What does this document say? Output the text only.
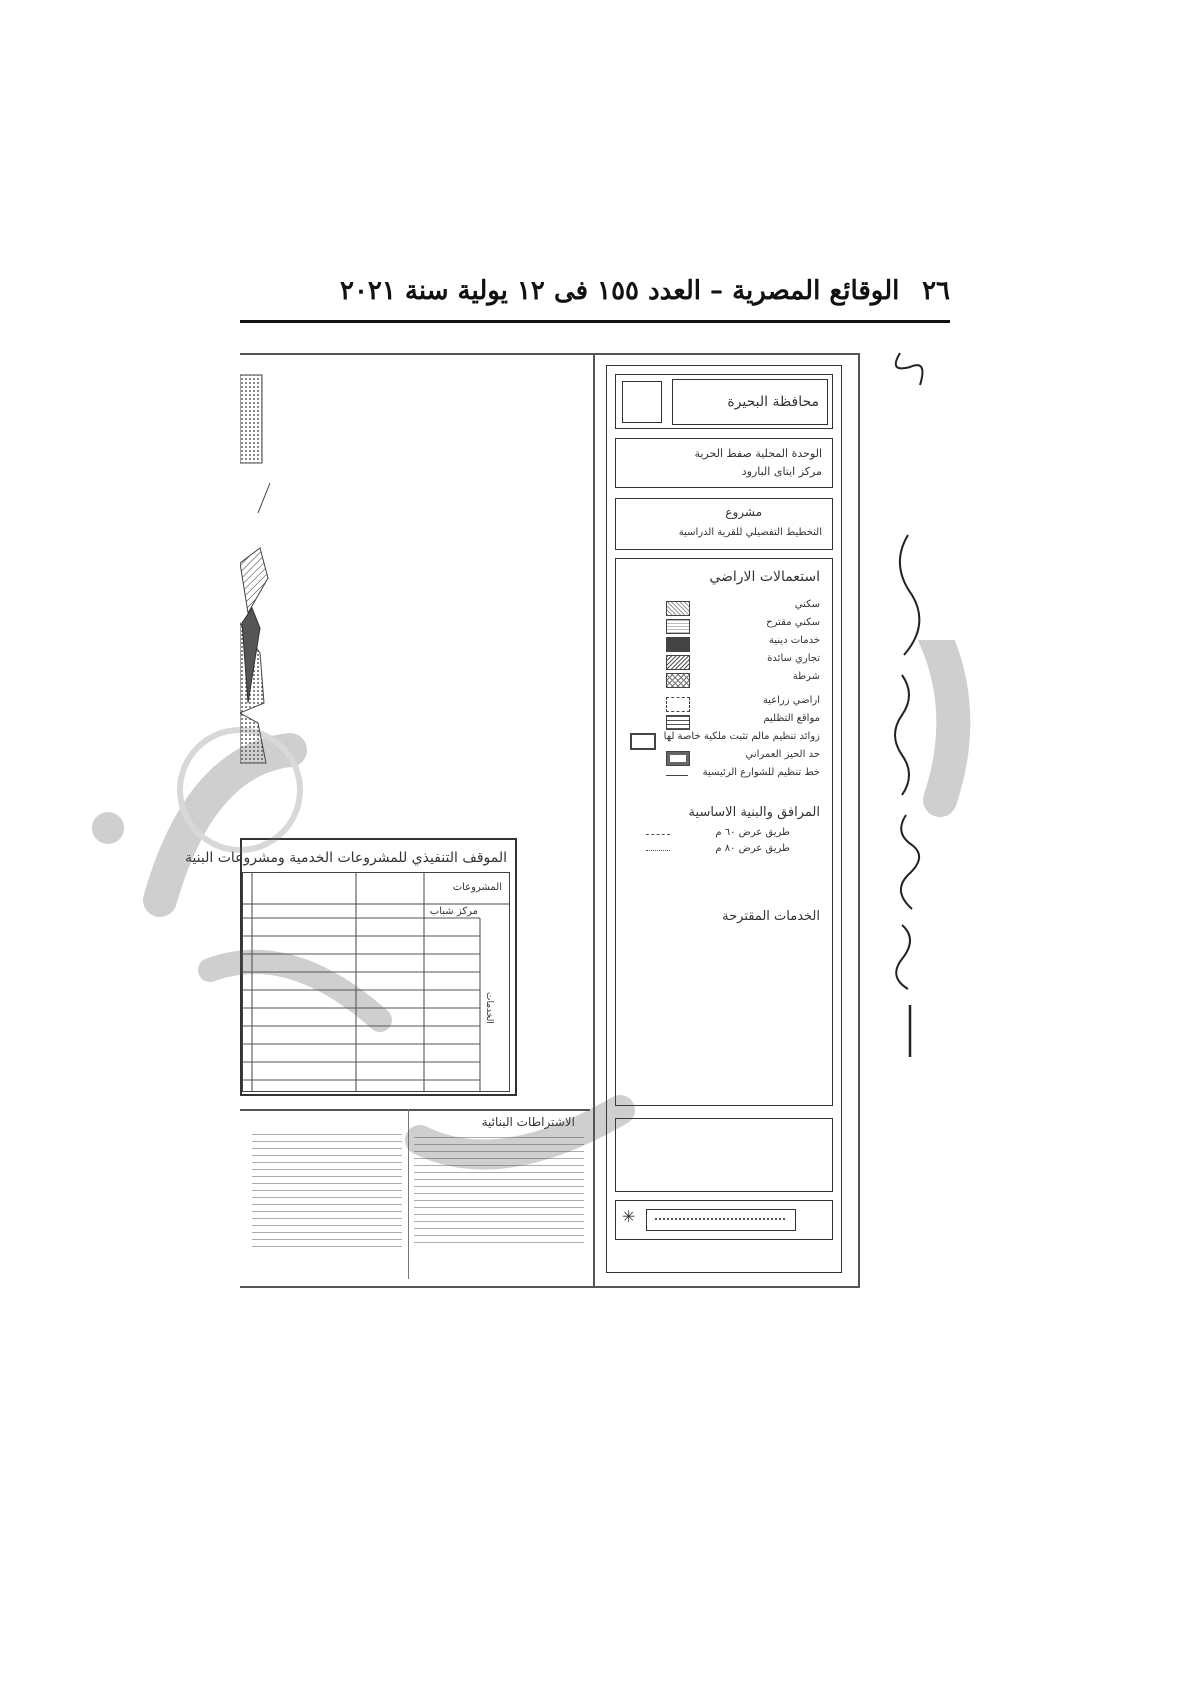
٢٦
الوقائع المصرية – العدد ١٥٥ فى ١٢ يولية سنة ٢٠٢١
محافظة البحيرة
الوحدة المحلية صفط الحرية
مركز ايتاى البارود
مشروع
التخطيط التفصيلي للقرية الدراسية
استعمالات الاراضي
سكني
سكني مقترح
خدمات دينية
تجاري سائدة
شرطة
اراضي زراعية
مواقع التظليم
زوائد تنظيم مالم تثبت ملكية خاصة لها
حد الحيز العمراني
خط تنظيم للشوارع الرئيسية
المرافق والبنية الاساسية
طريق عرض ٦٠ م
طريق عرض ٨٠ م
الخدمات المقترحة
✳
الموقف التنفيذي للمشروعات الخدمية ومشروعات البنية
المشروعات
مركز شباب
الخدمات
الاشتراطات البنائية
